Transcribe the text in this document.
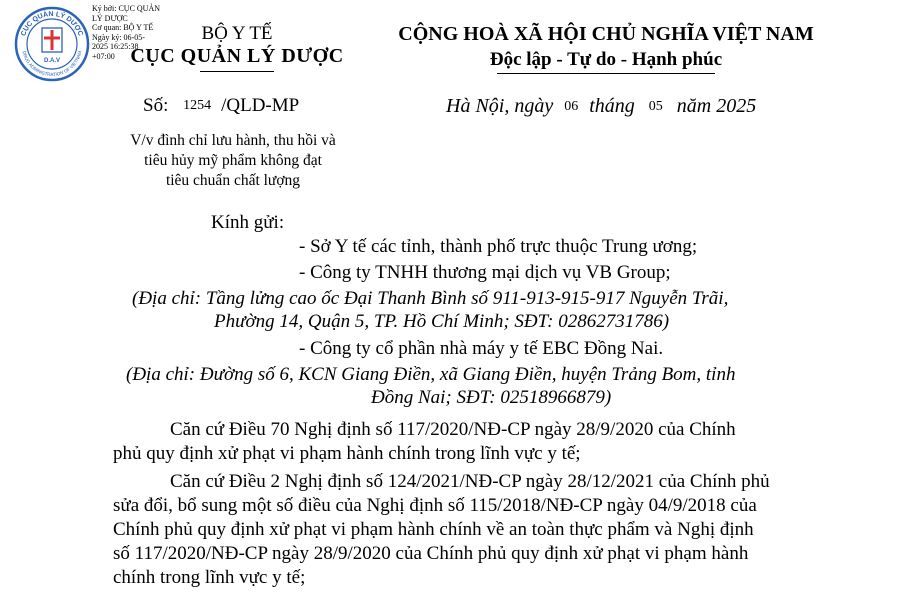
CỤC QUẢN LÝ DƯỢC
DRUG ADMINISTRATION OF VIETNAM
D.A.V
Ký bởi: CỤC QUẢN
LÝ DƯỢC
Cơ quan: BỘ Y TẾ
Ngày ký: 06-05-
2025 16:25:38
+07:00
BỘ Y TẾ
CỤC QUẢN LÝ DƯỢC
CỘNG HOÀ XÃ HỘI CHỦ NGHĨA VIỆT NAM
Độc lập - Tự do - Hạnh phúc
Số: 1254 /QLD-MP	Hà Nội, ngày 06 tháng 05 năm 2025
V/v đình chỉ lưu hành, thu hồi và
tiêu hủy mỹ phẩm không đạt
tiêu chuẩn chất lượng
Kính gửi:
- Sở Y tế các tỉnh, thành phố trực thuộc Trung ương;
- Công ty TNHH thương mại dịch vụ VB Group;
(Địa chỉ: Tầng lửng cao ốc Đại Thanh Bình số 911-913-915-917 Nguyễn Trãi,
Phường 14, Quận 5, TP. Hồ Chí Minh; SĐT: 02862731786)
- Công ty cổ phần nhà máy y tế EBC Đồng Nai.
(Địa chỉ: Đường số 6, KCN Giang Điền, xã Giang Điền, huyện Trảng Bom, tỉnh
Đồng Nai; SĐT: 02518966879)
Căn cứ Điều 70 Nghị định số 117/2020/NĐ-CP ngày 28/9/2020 của Chính
phủ quy định xử phạt vi phạm hành chính trong lĩnh vực y tế;
Căn cứ Điều 2 Nghị định số 124/2021/NĐ-CP ngày 28/12/2021 của Chính phủ
sửa đổi, bổ sung một số điều của Nghị định số 115/2018/NĐ-CP ngày 04/9/2018 của
Chính phủ quy định xử phạt vi phạm hành chính về an toàn thực phẩm và Nghị định
số 117/2020/NĐ-CP ngày 28/9/2020 của Chính phủ quy định xử phạt vi phạm hành
chính trong lĩnh vực y tế;
